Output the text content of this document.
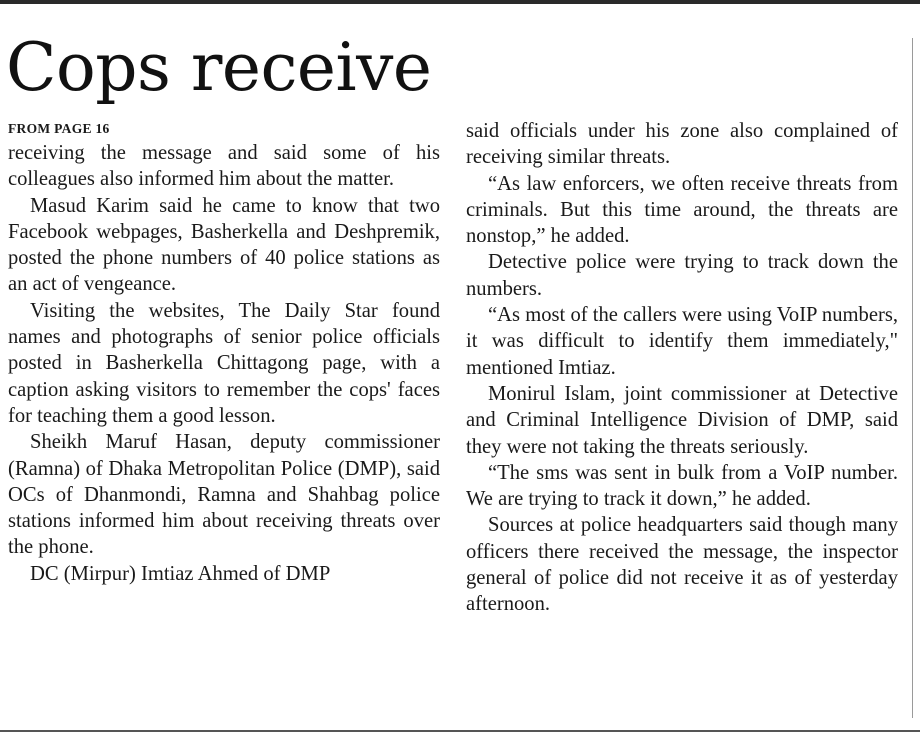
Cops receive
FROM PAGE 16

receiving the message and said some of his colleagues also informed him about the matter.

Masud Karim said he came to know that two Facebook webpages, Basherkella and Deshpremik, posted the phone numbers of 40 police stations as an act of vengeance.

Visiting the websites, The Daily Star found names and photographs of senior police officials posted in Basherkella Chittagong page, with a caption asking visitors to remember the cops' faces for teaching them a good lesson.

Sheikh Maruf Hasan, deputy commissioner (Ramna) of Dhaka Metropolitan Police (DMP), said OCs of Dhanmondi, Ramna and Shahbag police stations informed him about receiving threats over the phone.

DC (Mirpur) Imtiaz Ahmed of DMP

said officials under his zone also complained of receiving similar threats.

“As law enforcers, we often receive threats from criminals. But this time around, the threats are nonstop,” he added.

Detective police were trying to track down the numbers.

“As most of the callers were using VoIP numbers, it was difficult to identify them immediately," mentioned Imtiaz.

Monirul Islam, joint commissioner at Detective and Criminal Intelligence Division of DMP, said they were not taking the threats seriously.

“The sms was sent in bulk from a VoIP number. We are trying to track it down,” he added.

Sources at police headquarters said though many officers there received the message, the inspector general of police did not receive it as of yesterday afternoon.
